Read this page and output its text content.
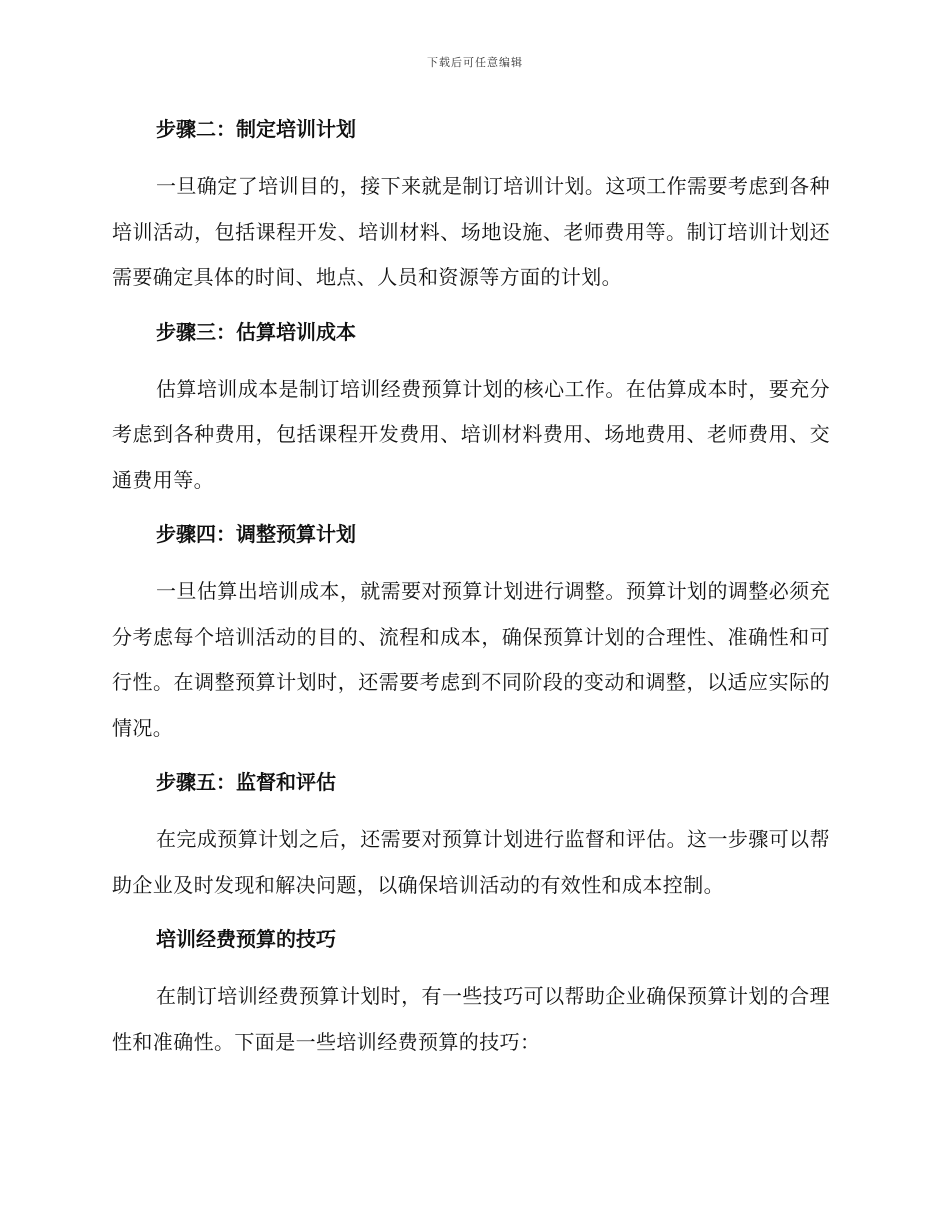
下载后可任意编辑
步骤二：制定培训计划

一旦确定了培训目的，接下来就是制订培训计划。这项工作需要考虑到各种培训活动，包括课程开发、培训材料、场地设施、老师费用等。制订培训计划还需要确定具体的时间、地点、人员和资源等方面的计划。

步骤三：估算培训成本

估算培训成本是制订培训经费预算计划的核心工作。在估算成本时，要充分考虑到各种费用，包括课程开发费用、培训材料费用、场地费用、老师费用、交通费用等。

步骤四：调整预算计划

一旦估算出培训成本，就需要对预算计划进行调整。预算计划的调整必须充分考虑每个培训活动的目的、流程和成本，确保预算计划的合理性、准确性和可行性。在调整预算计划时，还需要考虑到不同阶段的变动和调整，以适应实际的情况。

步骤五：监督和评估

在完成预算计划之后，还需要对预算计划进行监督和评估。这一步骤可以帮助企业及时发现和解决问题，以确保培训活动的有效性和成本控制。

培训经费预算的技巧

在制订培训经费预算计划时，有一些技巧可以帮助企业确保预算计划的合理性和准确性。下面是一些培训经费预算的技巧：
